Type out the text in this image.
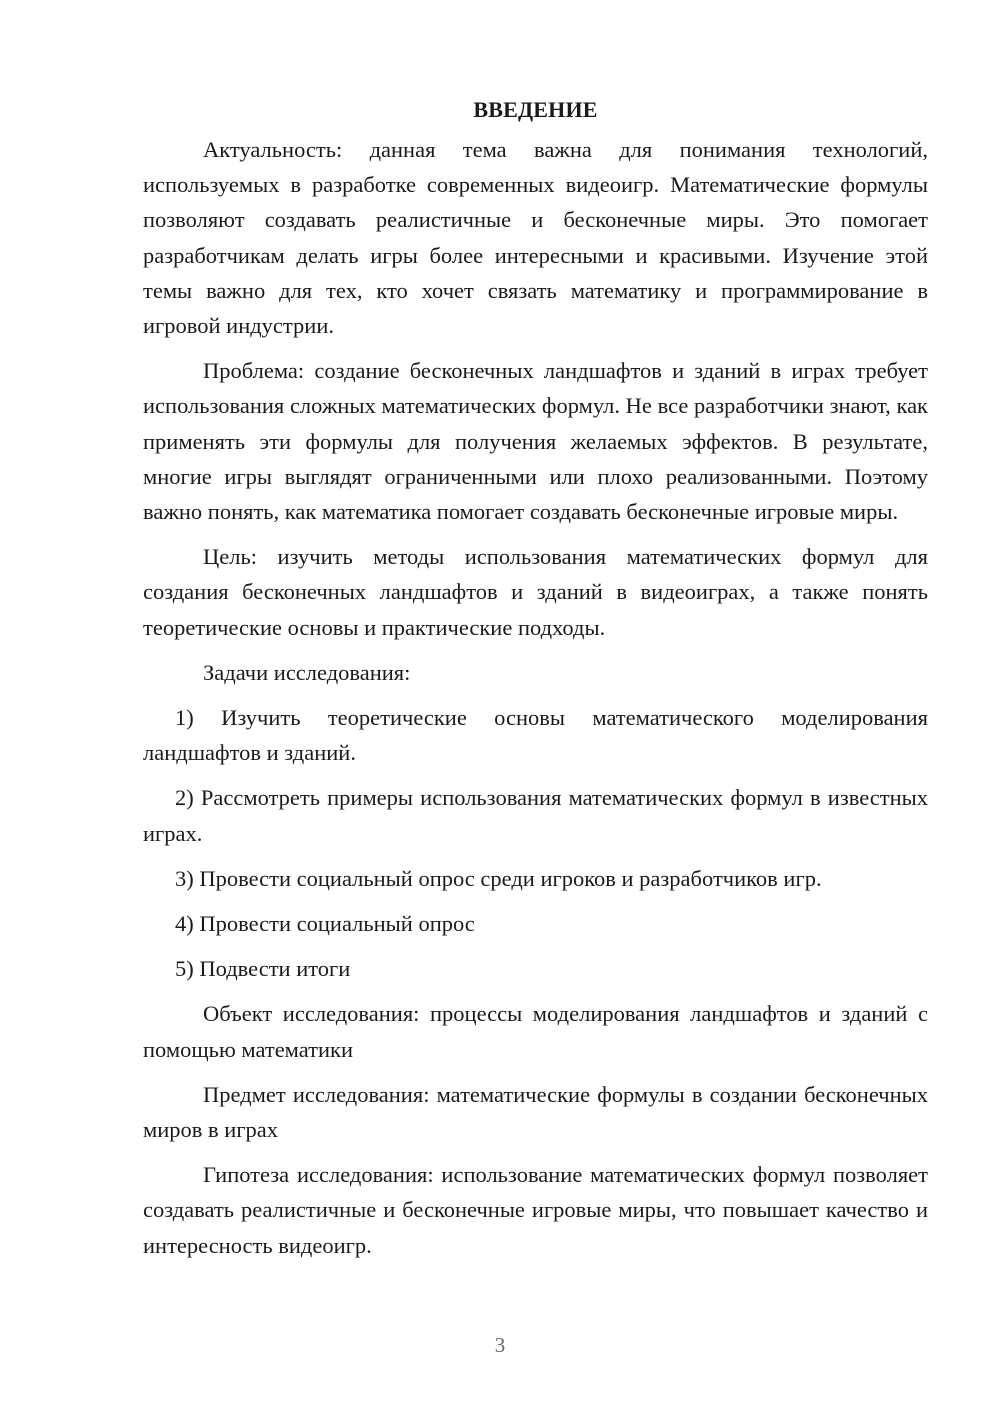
ВВЕДЕНИЕ

Актуальность: данная тема важна для понимания технологий, используемых в разработке современных видеоигр. Математические формулы позволяют создавать реалистичные и бесконечные миры. Это помогает разработчикам делать игры более интересными и красивыми. Изучение этой темы важно для тех, кто хочет связать математику и программирование в игровой индустрии.

Проблема: создание бесконечных ландшафтов и зданий в играх требует использования сложных математических формул. Не все разработчики знают, как применять эти формулы для получения желаемых эффектов. В результате, многие игры выглядят ограниченными или плохо реализованными. Поэтому важно понять, как математика помогает создавать бесконечные игровые миры.

Цель: изучить методы использования математических формул для создания бесконечных ландшафтов и зданий в видеоиграх, а также понять теоретические основы и практические подходы.

Задачи исследования:

1) Изучить теоретические основы математического моделирования ландшафтов и зданий.

2) Рассмотреть примеры использования математических формул в известных играх.

3) Провести социальный опрос среди игроков и разработчиков игр.

4) Провести социальный опрос

5) Подвести итоги

Объект исследования: процессы моделирования ландшафтов и зданий с помощью математики

Предмет исследования: математические формулы в создании бесконечных миров в играх

Гипотеза исследования: использование математических формул позволяет создавать реалистичные и бесконечные игровые миры, что повышает качество и интересность видеоигр.

3
